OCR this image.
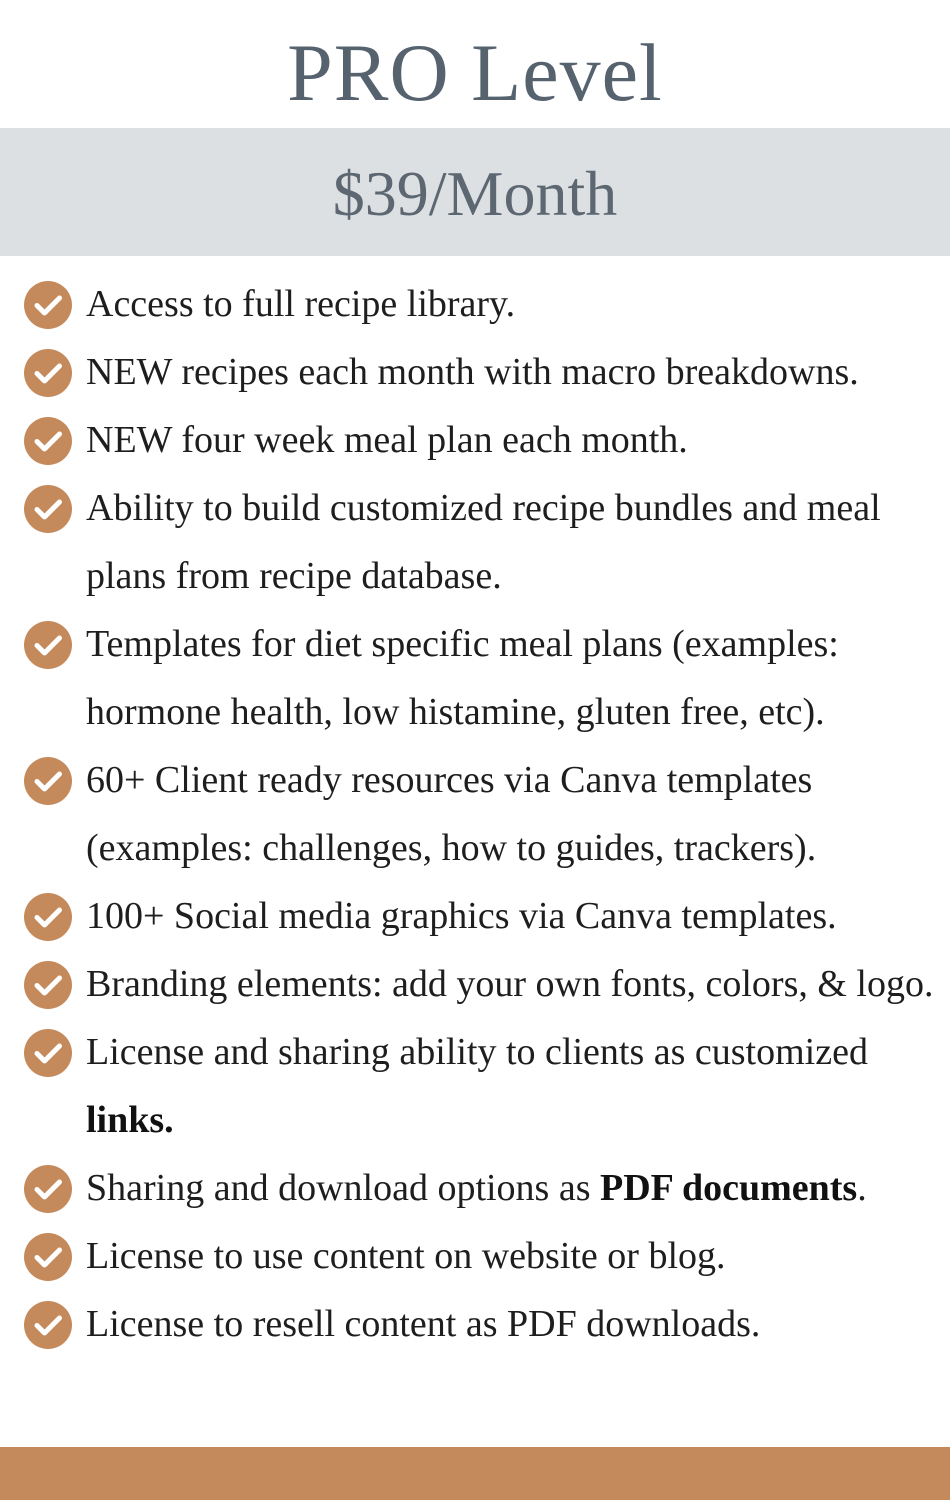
PRO Level
$39/Month
Access to full recipe library.
NEW recipes each month with macro breakdowns.
NEW four week meal plan each month.
Ability to build customized recipe bundles and meal plans from recipe database.
Templates for diet specific meal plans (examples: hormone health, low histamine, gluten free, etc).
60+ Client ready resources via Canva templates (examples: challenges, how to guides, trackers).
100+ Social media graphics via Canva templates.
Branding elements: add your own fonts, colors, & logo.
License and sharing ability to clients as customized links.
Sharing and download options as PDF documents.
License to use content on website or blog.
License to resell content as PDF downloads.
